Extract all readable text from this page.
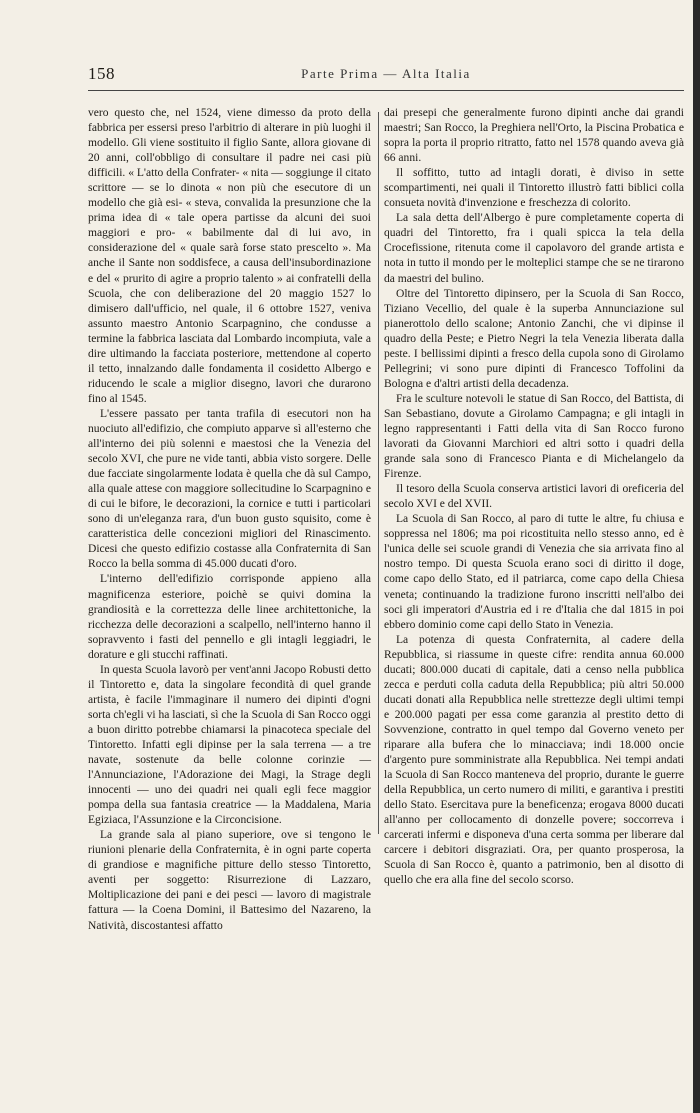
158	Parte Prima — Alta Italia

vero questo che, nel 1524, viene dimesso da proto della fabbrica per essersi preso l'arbitrio di alterare in più luoghi il modello. Gli viene sostituito il figlio Sante, allora giovane di 20 anni, coll'obbligo di consultare il padre nei casi più difficili. « L'atto della Confrater- « nita — soggiunge il citato scrittore — se lo dinota « non più che esecutore di un modello che già esi- « steva, convalida la presunzione che la prima idea di « tale opera partisse da alcuni dei suoi maggiori e pro- « babilmente dal di lui avo, in considerazione del « quale sarà forse stato prescelto ». Ma anche il Sante non soddisfece, a causa dell'insubordinazione e del « prurito di agire a proprio talento » ai confratelli della Scuola, che con deliberazione del 20 maggio 1527 lo dimisero dall'ufficio, nel quale, il 6 ottobre 1527, veniva assunto maestro Antonio Scarpagnino, che condusse a termine la fabbrica lasciata dal Lombardo incompiuta, vale a dire ultimando la facciata posteriore, mettendone al coperto il tetto, innalzando dalle fondamenta il cosidetto Albergo e riducendo le scale a miglior disegno, lavori che durarono fino al 1545.

L'essere passato per tanta trafila di esecutori non ha nuociuto all'edifizio, che compiuto apparve sì all'esterno che all'interno dei più solenni e maestosi che la Venezia del secolo XVI, che pure ne vide tanti, abbia visto sorgere. Delle due facciate singolarmente lodata è quella che dà sul Campo, alla quale attese con maggiore sollecitudine lo Scarpagnino e di cui le bifore, le decorazioni, la cornice e tutti i particolari sono di un'eleganza rara, d'un buon gusto squisito, come è caratteristica delle concezioni migliori del Rinascimento. Dicesi che questo edifizio costasse alla Confraternita di San Rocco la bella somma di 45.000 ducati d'oro.

L'interno dell'edifizio corrisponde appieno alla magnificenza esteriore, poichè se quivi domina la grandiosità e la correttezza delle linee architettoniche, la ricchezza delle decorazioni a scalpello, nell'interno hanno il sopravvento i fasti del pennello e gli intagli leggiadri, le dorature e gli stucchi raffinati.

In questa Scuola lavorò per vent'anni Jacopo Robusti detto il Tintoretto e, data la singolare fecondità di quel grande artista, è facile l'immaginare il numero dei dipinti d'ogni sorta ch'egli vi ha lasciati, sì che la Scuola di San Rocco oggi a buon diritto potrebbe chiamarsi la pinacoteca speciale del Tintoretto. Infatti egli dipinse per la sala terrena — a tre navate, sostenute da belle colonne corinzie — l'Annunciazione, l'Adorazione dei Magi, la Strage degli innocenti — uno dei quadri nei quali egli fece maggior pompa della sua fantasia creatrice — la Maddalena, Maria Egiziaca, l'Assunzione e la Circoncisione.

La grande sala al piano superiore, ove si tengono le riunioni plenarie della Confraternita, è in ogni parte coperta di grandiose e magnifiche pitture dello stesso Tintoretto, aventi per soggetto: Risurrezione di Lazzaro, Moltiplicazione dei pani e dei pesci — lavoro di magistrale fattura — la Coena Domini, il Battesimo del Nazareno, la Natività, discostantesi affatto

dai presepi che generalmente furono dipinti anche dai grandi maestri; San Rocco, la Preghiera nell'Orto, la Piscina Probatica e sopra la porta il proprio ritratto, fatto nel 1578 quando aveva già 66 anni.

Il soffitto, tutto ad intagli dorati, è diviso in sette scompartimenti, nei quali il Tintoretto illustrò fatti biblici colla consueta novità d'invenzione e freschezza di colorito.

La sala detta dell'Albergo è pure completamente coperta di quadri del Tintoretto, fra i quali spicca la tela della Crocefissione, ritenuta come il capolavoro del grande artista e nota in tutto il mondo per le molteplici stampe che se ne tirarono da maestri del bulino.

Oltre del Tintoretto dipinsero, per la Scuola di San Rocco, Tiziano Vecellio, del quale è la superba Annunciazione sul pianerottolo dello scalone; Antonio Zanchi, che vi dipinse il quadro della Peste; e Pietro Negri la tela Venezia liberata dalla peste. I bellissimi dipinti a fresco della cupola sono di Girolamo Pellegrini; vi sono pure dipinti di Francesco Toffolini da Bologna e d'altri artisti della decadenza.

Fra le sculture notevoli le statue di San Rocco, del Battista, di San Sebastiano, dovute a Girolamo Campagna; e gli intagli in legno rappresentanti i Fatti della vita di San Rocco furono lavorati da Giovanni Marchiori ed altri sotto i quadri della grande sala sono di Francesco Pianta e di Michelangelo da Firenze.

Il tesoro della Scuola conserva artistici lavori di oreficeria del secolo XVI e del XVII.

La Scuola di San Rocco, al paro di tutte le altre, fu chiusa e soppressa nel 1806; ma poi ricostituita nello stesso anno, ed è l'unica delle sei scuole grandi di Venezia che sia arrivata fino al nostro tempo. Di questa Scuola erano soci di diritto il doge, come capo dello Stato, ed il patriarca, come capo della Chiesa veneta; continuando la tradizione furono inscritti nell'albo dei soci gli imperatori d'Austria ed i re d'Italia che dal 1815 in poi ebbero dominio come capi dello Stato in Venezia.

La potenza di questa Confraternita, al cadere della Repubblica, si riassume in queste cifre: rendita annua 60.000 ducati; 800.000 ducati di capitale, dati a censo nella pubblica zecca e perduti colla caduta della Repubblica; più altri 50.000 ducati donati alla Repubblica nelle strettezze degli ultimi tempi e 200.000 pagati per essa come garanzia al prestito detto di Sovvenzione, contratto in quel tempo dal Governo veneto per riparare alla bufera che lo minacciava; indi 18.000 oncie d'argento pure somministrate alla Repubblica. Nei tempi andati la Scuola di San Rocco manteneva del proprio, durante le guerre della Repubblica, un certo numero di militi, e garantiva i prestiti dello Stato. Esercitava pure la beneficenza; erogava 8000 ducati all'anno per collocamento di donzelle povere; soccorreva i carcerati infermi e disponeva d'una certa somma per liberare dal carcere i debitori disgraziati. Ora, per quanto prosperosa, la Scuola di San Rocco è, quanto a patrimonio, ben al disotto di quello che era alla fine del secolo scorso.
